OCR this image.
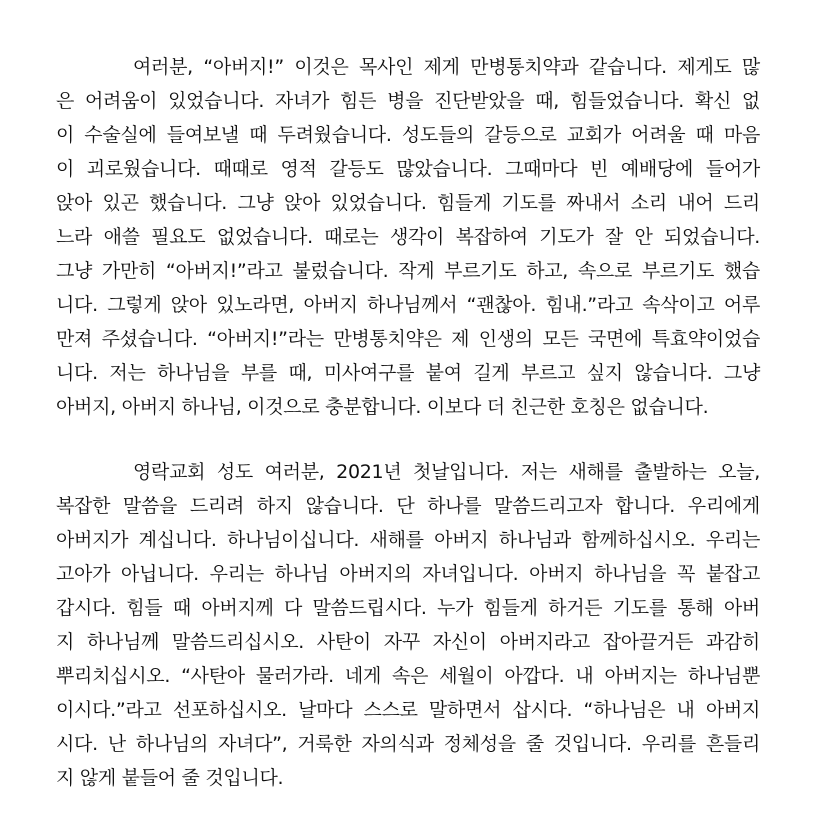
여러분, “아버지!” 이것은 목사인 제게 만병통치약과 같습니다. 제게도 많
은 어려움이 있었습니다. 자녀가 힘든 병을 진단받았을 때, 힘들었습니다. 확신 없
이 수술실에 들여보낼 때 두려웠습니다. 성도들의 갈등으로 교회가 어려울 때 마음
이 괴로웠습니다. 때때로 영적 갈등도 많았습니다. 그때마다 빈 예배당에 들어가
앉아 있곤 했습니다. 그냥 앉아 있었습니다. 힘들게 기도를 짜내서 소리 내어 드리
느라 애쓸 필요도 없었습니다. 때로는 생각이 복잡하여 기도가 잘 안 되었습니다.
그냥 가만히 “아버지!”라고 불렀습니다. 작게 부르기도 하고, 속으로 부르기도 했습
니다. 그렇게 앉아 있노라면, 아버지 하나님께서 “괜찮아. 힘내.”라고 속삭이고 어루
만져 주셨습니다. “아버지!”라는 만병통치약은 제 인생의 모든 국면에 특효약이었습
니다. 저는 하나님을 부를 때, 미사여구를 붙여 길게 부르고 싶지 않습니다. 그냥
아버지, 아버지 하나님, 이것으로 충분합니다. 이보다 더 친근한 호칭은 없습니다.
영락교회 성도 여러분, 2021년 첫날입니다. 저는 새해를 출발하는 오늘,
복잡한 말씀을 드리려 하지 않습니다. 단 하나를 말씀드리고자 합니다. 우리에게
아버지가 계십니다. 하나님이십니다. 새해를 아버지 하나님과 함께하십시오. 우리는
고아가 아닙니다. 우리는 하나님 아버지의 자녀입니다. 아버지 하나님을 꼭 붙잡고
갑시다. 힘들 때 아버지께 다 말씀드립시다. 누가 힘들게 하거든 기도를 통해 아버
지 하나님께 말씀드리십시오. 사탄이 자꾸 자신이 아버지라고 잡아끌거든 과감히
뿌리치십시오. “사탄아 물러가라. 네게 속은 세월이 아깝다. 내 아버지는 하나님뿐
이시다.”라고 선포하십시오. 날마다 스스로 말하면서 삽시다. “하나님은 내 아버지
시다. 난 하나님의 자녀다”, 거룩한 자의식과 정체성을 줄 것입니다. 우리를 흔들리
지 않게 붙들어 줄 것입니다.
